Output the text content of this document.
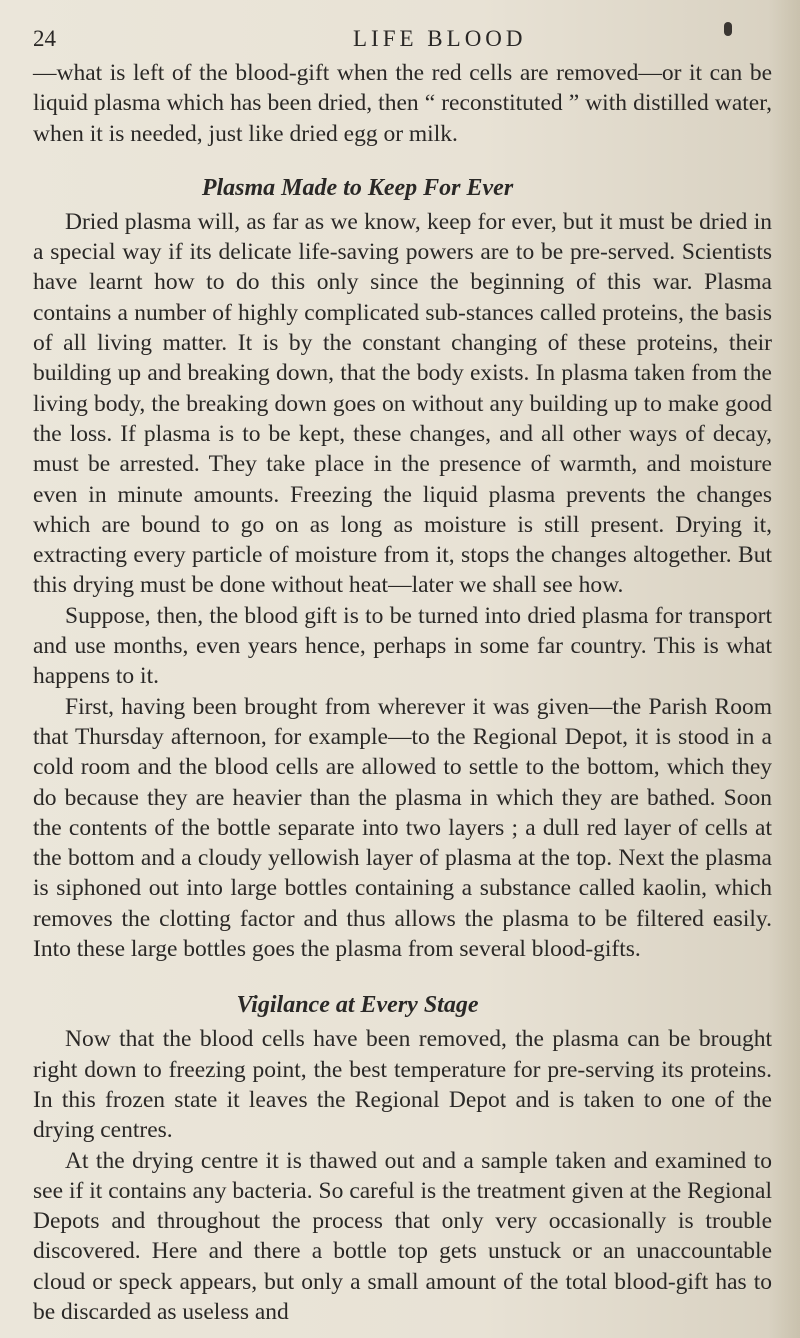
24	LIFE BLOOD

—what is left of the blood-gift when the red cells are removed—or it can be liquid plasma which has been dried, then “ reconstituted ” with distilled water, when it is needed, just like dried egg or milk.

Plasma Made to Keep For Ever

Dried plasma will, as far as we know, keep for ever, but it must be dried in a special way if its delicate life-saving powers are to be pre-served. Scientists have learnt how to do this only since the beginning of this war. Plasma contains a number of highly complicated sub-stances called proteins, the basis of all living matter. It is by the constant changing of these proteins, their building up and breaking down, that the body exists. In plasma taken from the living body, the breaking down goes on without any building up to make good the loss. If plasma is to be kept, these changes, and all other ways of decay, must be arrested. They take place in the presence of warmth, and moisture even in minute amounts. Freezing the liquid plasma prevents the changes which are bound to go on as long as moisture is still present. Drying it, extracting every particle of moisture from it, stops the changes altogether. But this drying must be done without heat—later we shall see how.

Suppose, then, the blood gift is to be turned into dried plasma for transport and use months, even years hence, perhaps in some far country. This is what happens to it.

First, having been brought from wherever it was given—the Parish Room that Thursday afternoon, for example—to the Regional Depot, it is stood in a cold room and the blood cells are allowed to settle to the bottom, which they do because they are heavier than the plasma in which they are bathed. Soon the contents of the bottle separate into two layers ; a dull red layer of cells at the bottom and a cloudy yellowish layer of plasma at the top. Next the plasma is siphoned out into large bottles containing a substance called kaolin, which removes the clotting factor and thus allows the plasma to be filtered easily. Into these large bottles goes the plasma from several blood-gifts.

Vigilance at Every Stage

Now that the blood cells have been removed, the plasma can be brought right down to freezing point, the best temperature for pre-serving its proteins. In this frozen state it leaves the Regional Depot and is taken to one of the drying centres.

At the drying centre it is thawed out and a sample taken and examined to see if it contains any bacteria. So careful is the treatment given at the Regional Depots and throughout the process that only very occasionally is trouble discovered. Here and there a bottle top gets unstuck or an unaccountable cloud or speck appears, but only a small amount of the total blood-gift has to be discarded as useless and
